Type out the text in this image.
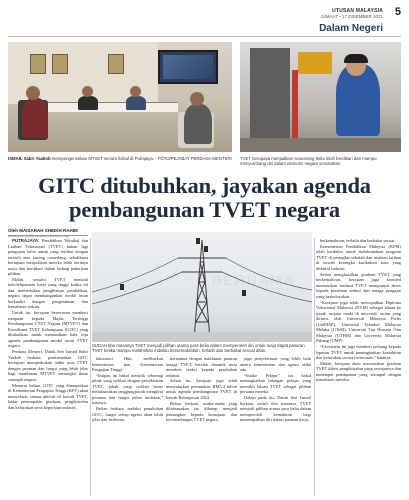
UTUSAN MALAYSIA
JUMAAT • 17 DISEMBER 2021 5
Dalam Negeri
ISMAIL Sabri Yaakob mempengerusikan MTVET secara fizikal di Putrajaya. - FOTO/PEJABAT PERDANA MENTERI TVET berupaya menjadikan seseorang belia lebih berdikari dan mampu menyumbang diri dalam ekonomi negara semarakan.
GITC ditubuhkan, jayakan agenda
pembangunan TVET negara
Oleh MAISARAH SHEIKH RAHIM
utusannews@mediamulia.com.my

PUTRAJAYA: Pendidikan Teknikal dan Latihan Vokasional (TVET) bukan lagi pengajian belia untuk yang terlibat dengan tersisih atau kurang cemerlang, sebaliknya bertujuan menjadikan mereka lebih berdaya maju dan berdikari dalam bidang pekerjaan pilihan.

Malah, sesuatu TVET menjadi kebolehpasaran kerja yang tinggi ketika ini dan memerlukan penglibatan pendidikan, negara dapat membangunkan modal insan berkualiti dengan pengetahuan dan kemahiran terkini.

Untuk itu, kerajaan berterusan memberi tumpuan kepada Majlis Tertinggi Pembangunan TVET Negara (MTVET) dan Koordinasi TVET Kebangsaan (GITC) yang ditubuhkan untuk memastikan hala tuju agenda pembangunan modal insan TVET negara.

Perdana Menteri, Datuk Seri Ismail Sabri Yaakob berkata, pembentukan GITC bertujuan memperkukuh tadbir urus TVET dengan peranan dan fungsi yang lebih jelas bagi membantu MTVET merangka dasar strategik negara.

Menurut beliau, GITC yang ditempatkan di Kementerian Pengajian Tinggi (KPT) akan menyelaras semua aktiviti di bawah TVET, kadar penempatan graduan, pengiktirafan dan kelayakan serta keperluan industri.

BERNAMA
SUDAH tiba masanya TVET menjadi pilihan utama para belia dalam memperoleh diri untuk maju dapat pasaran TVET ketika mampu melahirkan individu bersemakrakan, terlatih dan berbakat sesuai ditas.

laboratori Hub, melibatkan kementerian dan Kementerian Pengajian Tinggi.

“Intipati ini bakal menarik sebarang pihak yang terlibat dengan persekitaran TVET, pihak yang terlibat harus melaksanakan tanggungjawab mengikut peranan dan fungsi pelan tindakan,” katanya.

Beliau berkata, melalui penubuhan GITC, fungsi setiap agensi akan lebih jelas dan berkesan.

bermakna dengan maklumat pasaran tenaga TVET, bersifat dinamik serta memberi reaksi kepada perubahan industri.

Selain itu, kerajaan juga telah menyalurkan peruntukan RM5.4 bilion untuk agenda pembangunan TVET di bawah Belanjawan 2022.

Beliau berkata, usaha-usaha yang dilaksanakan ini diharap menjadi pemangkin kepada kemajuan dan kecemerlangan TVET negara.

juga penyelarasan yang lebih baik antara kementerian dan agensi sedia ada.

“Intake Pelajar” ini bakal meningkatkan bilangan pelajar yang memilih laluan TVET sebagai pilihan pertama mereka.

Dalam pada itu, Datuk Seri Ismail berkata, sudah tiba masanya TVET menjadi pilihan utama para belia dalam memperoleh kemahiran bagi menempatkan diri dalam pasaran kerja.

berkemahiran, terlatih dan berbakat sesuai.

Kementerian Pendidikan Malaysia (KPM) telah berdaftar untuk melaksanakan program TVET di peringkat sekolah dan institusi latihan di bawah kerangka kurikulum baru yang diiktiraf industri.

Selain menghasilkan graduan TVET yang berkemahiran, kerajaan juga komited memastikan institusi TVET mempunyai akses kepada peralatan terkini dan tenaga pengajar yang berkelayakan.

“Kerajaan juga telah mewujudkan Diploma Vokasional Malaysia (DVM) sebagai laluan ke ijazah sarjana muda di universiti awam yang dirintis oleh Universiti Malaysia Perlis (UniMAP), Universiti Teknikal Malaysia Melaka (UTeM), Universiti Tun Hussein Onn Malaysia (UTHM) dan Universiti Malaysia Pahang (UMP).

“Ekosistem ini juga memberi peluang kepada lepasan TVET untuk meningkatkan kemahiran dan kelayakan secara berterusan,” katanya.

Malah, kerajaan akan memastikan graduan TVET diberi pengiktirafan yang sewajarnya dan mendapat pendapatan yang setimpal dengan kemahiran mereka.
